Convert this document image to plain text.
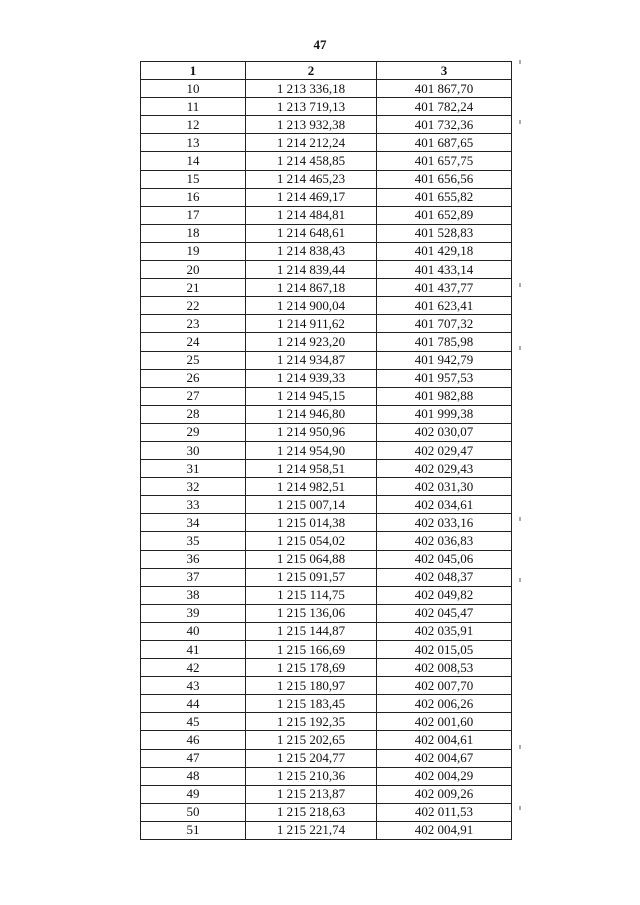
47
1	2	3
10	1 213 336,18	401 867,70
11	1 213 719,13	401 782,24
12	1 213 932,38	401 732,36
13	1 214 212,24	401 687,65
14	1 214 458,85	401 657,75
15	1 214 465,23	401 656,56
16	1 214 469,17	401 655,82
17	1 214 484,81	401 652,89
18	1 214 648,61	401 528,83
19	1 214 838,43	401 429,18
20	1 214 839,44	401 433,14
21	1 214 867,18	401 437,77
22	1 214 900,04	401 623,41
23	1 214 911,62	401 707,32
24	1 214 923,20	401 785,98
25	1 214 934,87	401 942,79
26	1 214 939,33	401 957,53
27	1 214 945,15	401 982,88
28	1 214 946,80	401 999,38
29	1 214 950,96	402 030,07
30	1 214 954,90	402 029,47
31	1 214 958,51	402 029,43
32	1 214 982,51	402 031,30
33	1 215 007,14	402 034,61
34	1 215 014,38	402 033,16
35	1 215 054,02	402 036,83
36	1 215 064,88	402 045,06
37	1 215 091,57	402 048,37
38	1 215 114,75	402 049,82
39	1 215 136,06	402 045,47
40	1 215 144,87	402 035,91
41	1 215 166,69	402 015,05
42	1 215 178,69	402 008,53
43	1 215 180,97	402 007,70
44	1 215 183,45	402 006,26
45	1 215 192,35	402 001,60
46	1 215 202,65	402 004,61
47	1 215 204,77	402 004,67
48	1 215 210,36	402 004,29
49	1 215 213,87	402 009,26
50	1 215 218,63	402 011,53
51	1 215 221,74	402 004,91
